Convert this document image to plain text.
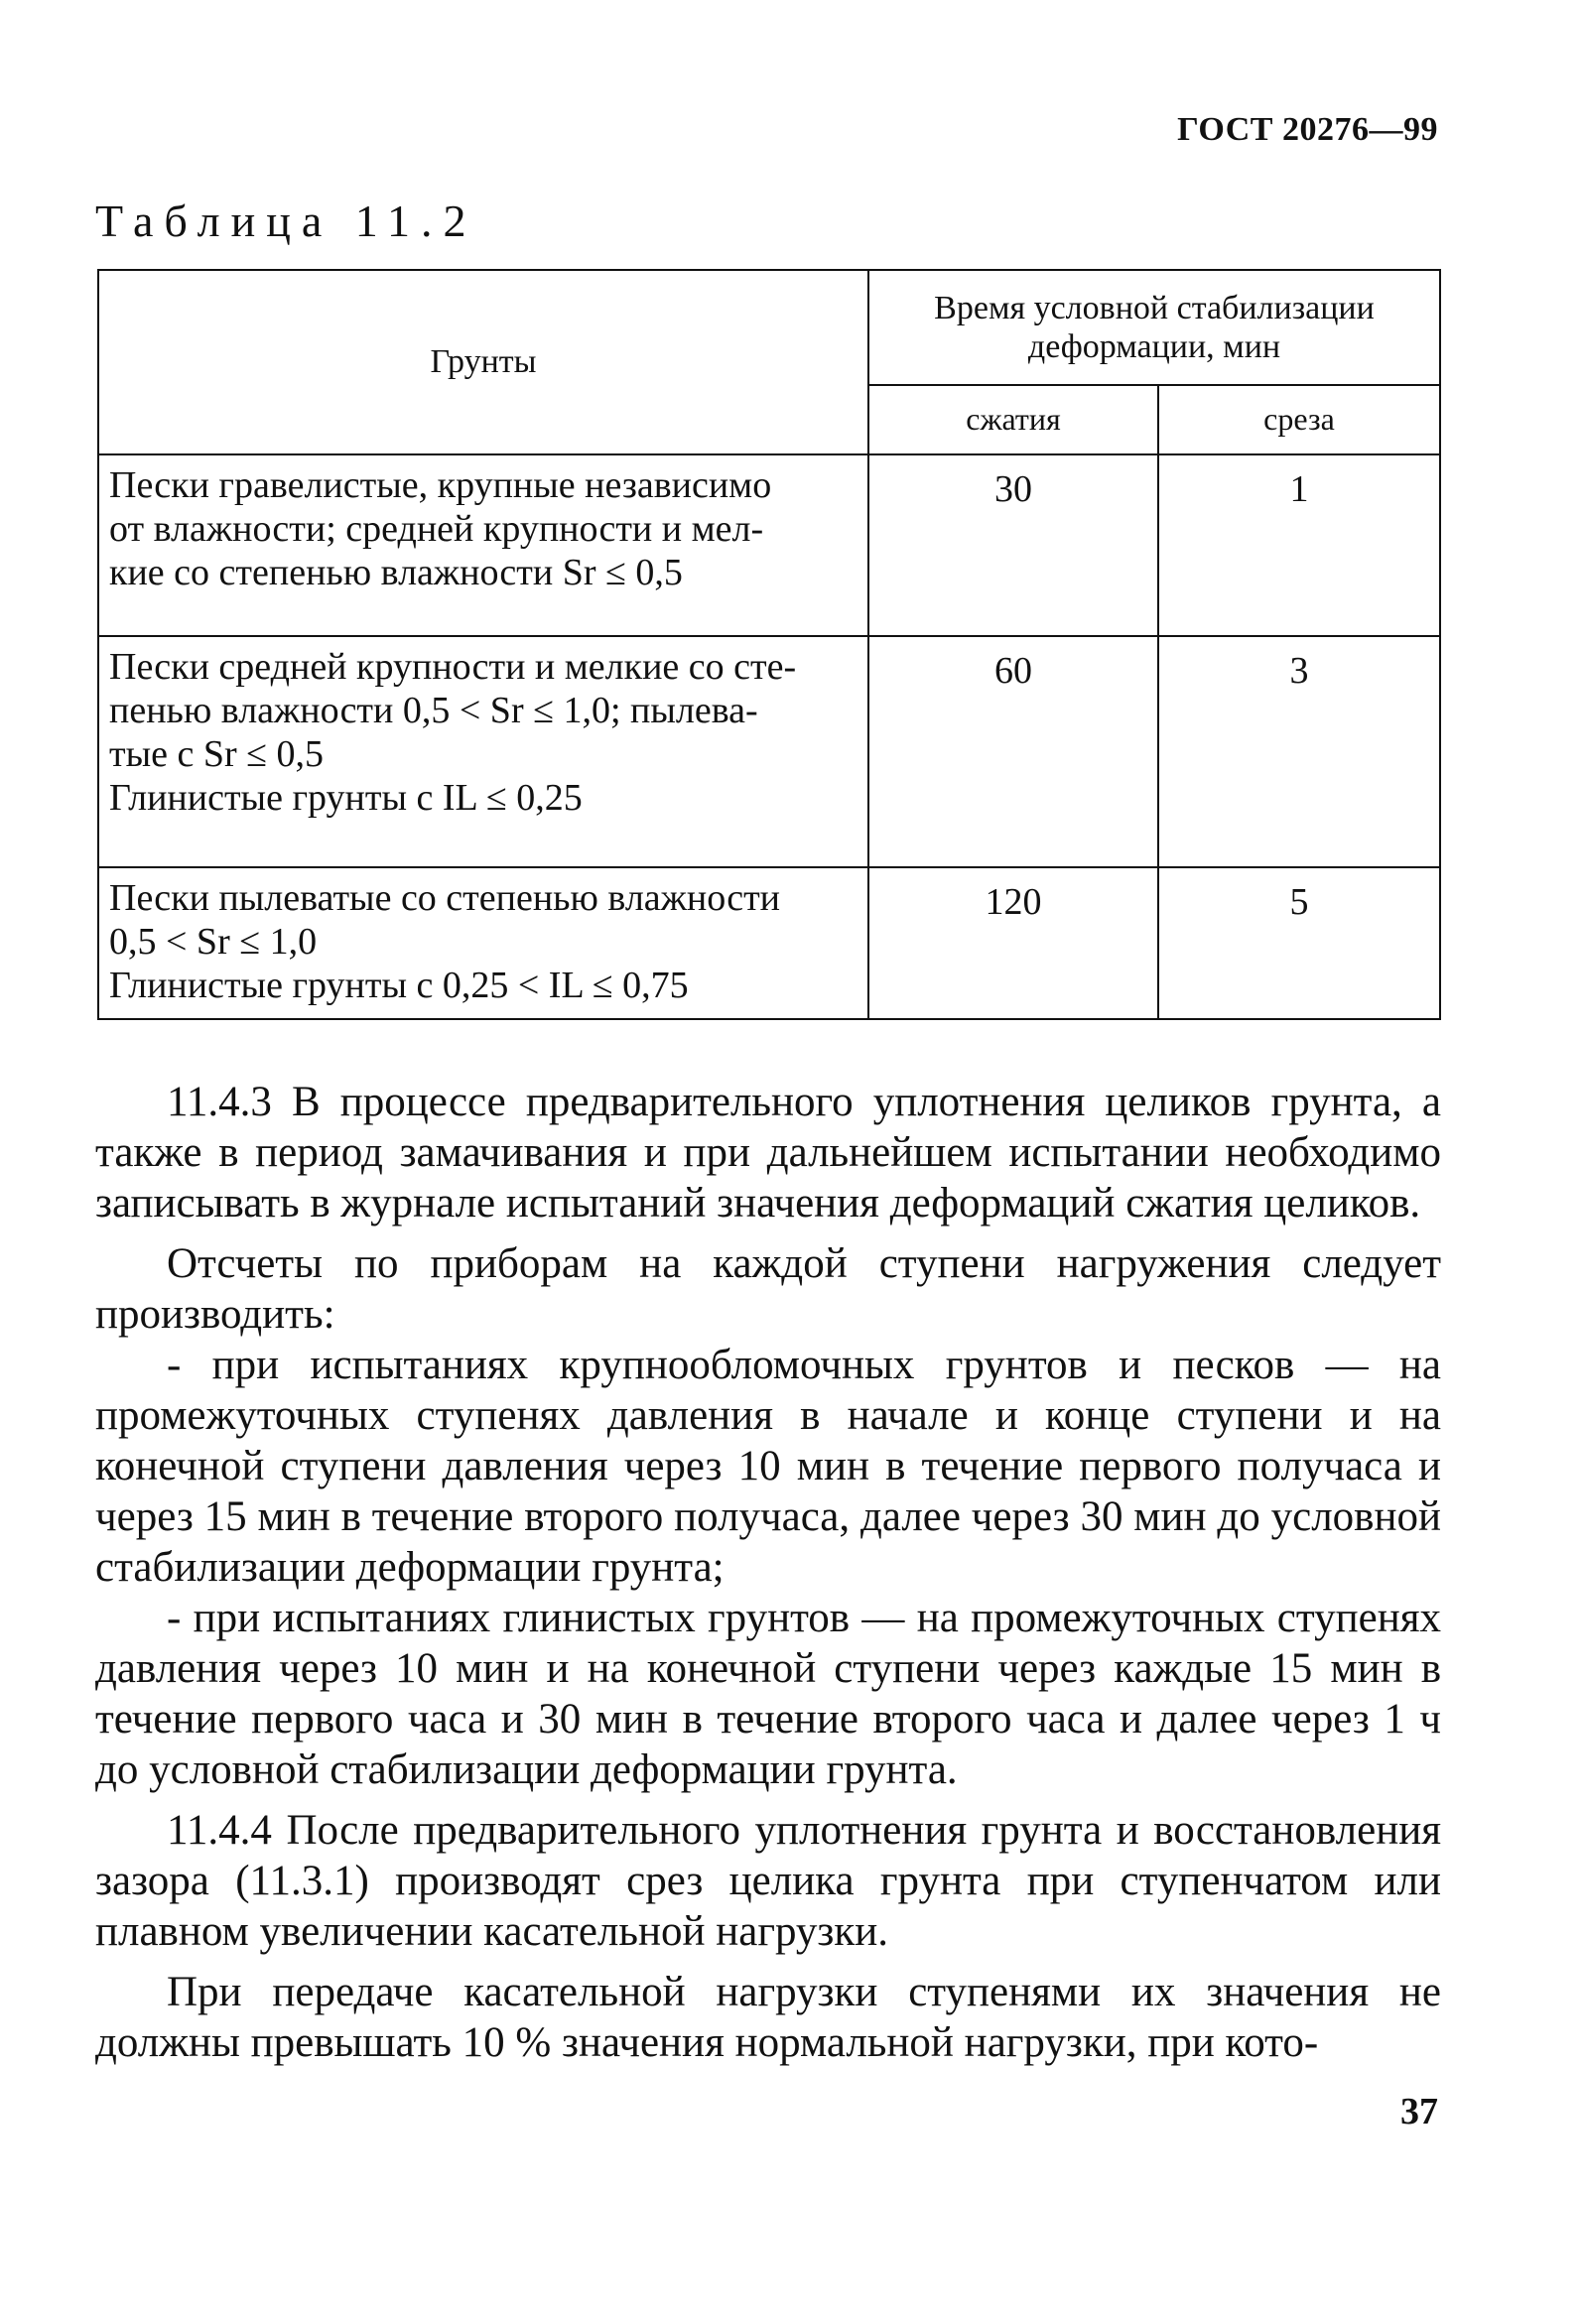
ГОСТ 20276—99
Таблица 11.2
Грунты	Время условной стабилизации деформации, мин	
	сжатия	среза

Пески гравелистые, крупные независимо
от влажности; средней крупности и мел-
кие со степенью влажности Sr ≤ 0,5	30	1

Пески средней крупности и мелкие со сте-
пенью влажности 0,5 < Sr ≤ 1,0; пылева-
тые с Sr ≤ 0,5
Глинистые грунты с IL ≤ 0,25	60	3

Пески пылеватые со степенью влажности
0,5 < Sr ≤ 1,0
Глинистые грунты с 0,25 < IL ≤ 0,75	120	5

11.4.3 В процессе предварительного уплотнения целиков грунта, а также в период замачивания и при дальнейшем испытании необходимо записывать в журнале испытаний значения деформаций сжатия целиков.

Отсчеты по приборам на каждой ступени нагружения следует производить:

- при испытаниях крупнообломочных грунтов и песков — на промежуточных ступенях давления в начале и конце ступени и на конечной ступени давления через 10 мин в течение первого получаса и через 15 мин в течение второго получаса, далее через 30 мин до условной стабилизации деформации грунта;

- при испытаниях глинистых грунтов — на промежуточных ступенях давления через 10 мин и на конечной ступени через каждые 15 мин в течение первого часа и 30 мин в течение второго часа и далее через 1 ч до условной стабилизации деформации грунта.

11.4.4 После предварительного уплотнения грунта и восстановления зазора (11.3.1) производят срез целика грунта при ступенчатом или плавном увеличении касательной нагрузки.

При передаче касательной нагрузки ступенями их значения не должны превышать 10 % значения нормальной нагрузки, при кото-

37
